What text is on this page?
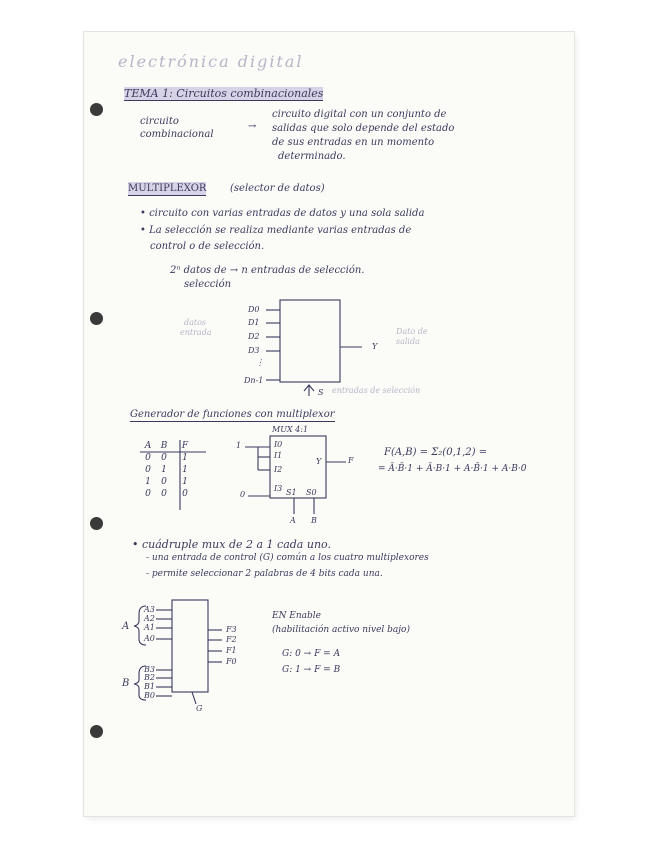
electrónica digital
TEMA 1: Circuitos combinacionales
circuito
combinacional
→
circuito digital con un conjunto de
salidas que solo depende del estado
de sus entradas en un momento
determinado.
MULTIPLEXOR (selector de datos)
• circuito con varias entradas de datos y una sola salida
• La selección se realiza mediante varias entradas de
control o de selección.
2ⁿ datos de → n entradas de selección.
selección
D0
D1
D2
D3
⋮
Dn-1
datos
entrada
Y
Dato de
salida
S entradas de selección
Generador de funciones con multiplexor
MUX 4:1
A	B	F
0	0	1
0	1	1
1	0	1
0	0	0
1
0
I0
I1
I2
I3
Y	F
S1 S0
A B
F(A,B) = Σ₂(0,1,2) =
= Ā·B̄·1 + Ā·B·1 + A·B̄·1 + A·B·0
• cuádruple mux de 2 a 1 cada uno.
- una entrada de control (G) común a los cuatro multiplexores
- permite seleccionar 2 palabras de 4 bits cada una.
A3
A2
A1
A0
B3
B2
B1
B0
A
B
F3
F2
F1
F0
G
EN Enable
(habilitación activo nivel bajo)
G: 0 → F = A
G: 1 → F = B
